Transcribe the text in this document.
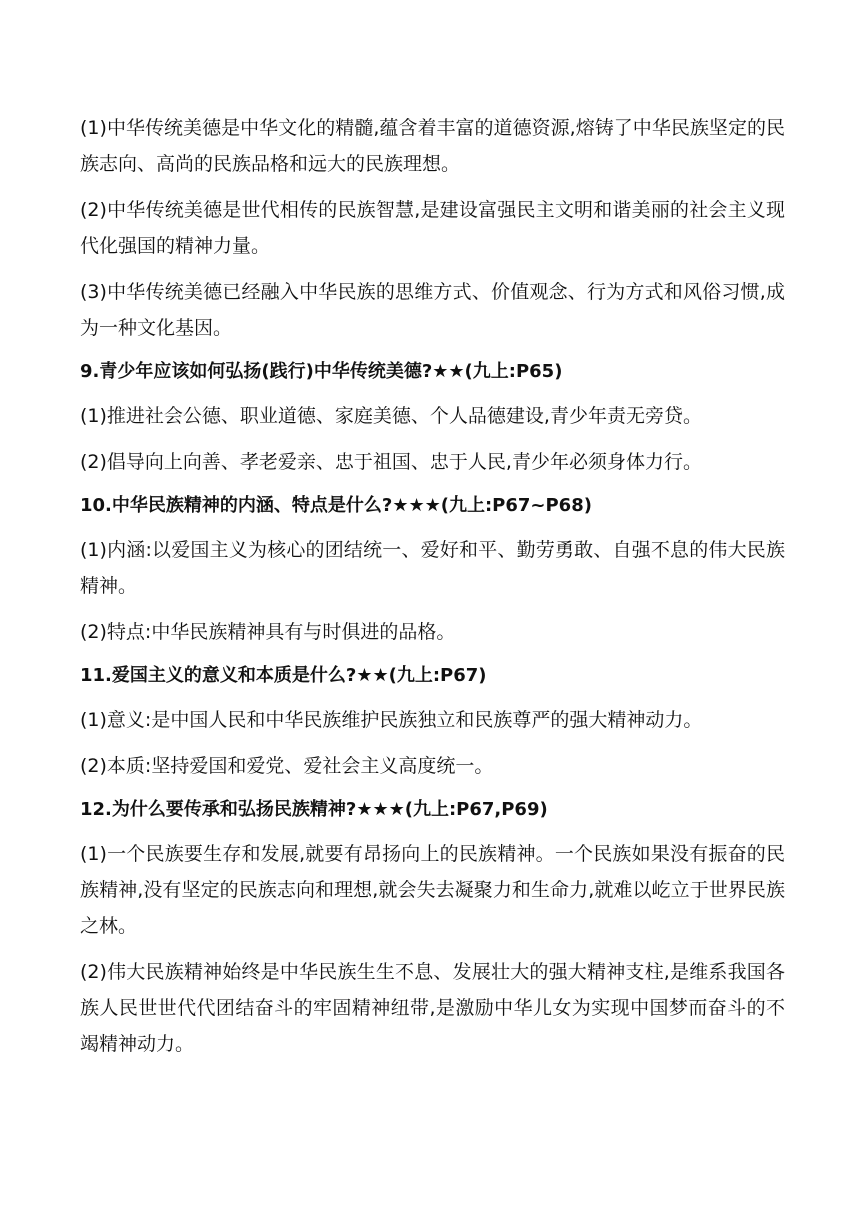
(1)中华传统美德是中华文化的精髓,蕴含着丰富的道德资源,熔铸了中华民族坚定的民族志向、高尚的民族品格和远大的民族理想。

(2)中华传统美德是世代相传的民族智慧,是建设富强民主文明和谐美丽的社会主义现代化强国的精神力量。

(3)中华传统美德已经融入中华民族的思维方式、价值观念、行为方式和风俗习惯,成为一种文化基因。

9.青少年应该如何弘扬(践行)中华传统美德?★★(九上:P65)

(1)推进社会公德、职业道德、家庭美德、个人品德建设,青少年责无旁贷。

(2)倡导向上向善、孝老爱亲、忠于祖国、忠于人民,青少年必须身体力行。

10.中华民族精神的内涵、特点是什么?★★★(九上:P67~P68)

(1)内涵:以爱国主义为核心的团结统一、爱好和平、勤劳勇敢、自强不息的伟大民族精神。

(2)特点:中华民族精神具有与时俱进的品格。

11.爱国主义的意义和本质是什么?★★(九上:P67)

(1)意义:是中国人民和中华民族维护民族独立和民族尊严的强大精神动力。

(2)本质:坚持爱国和爱党、爱社会主义高度统一。

12.为什么要传承和弘扬民族精神?★★★(九上:P67,P69)

(1)一个民族要生存和发展,就要有昂扬向上的民族精神。一个民族如果没有振奋的民族精神,没有坚定的民族志向和理想,就会失去凝聚力和生命力,就难以屹立于世界民族之林。

(2)伟大民族精神始终是中华民族生生不息、发展壮大的强大精神支柱,是维系我国各族人民世世代代团结奋斗的牢固精神纽带,是激励中华儿女为实现中国梦而奋斗的不竭精神动力。
